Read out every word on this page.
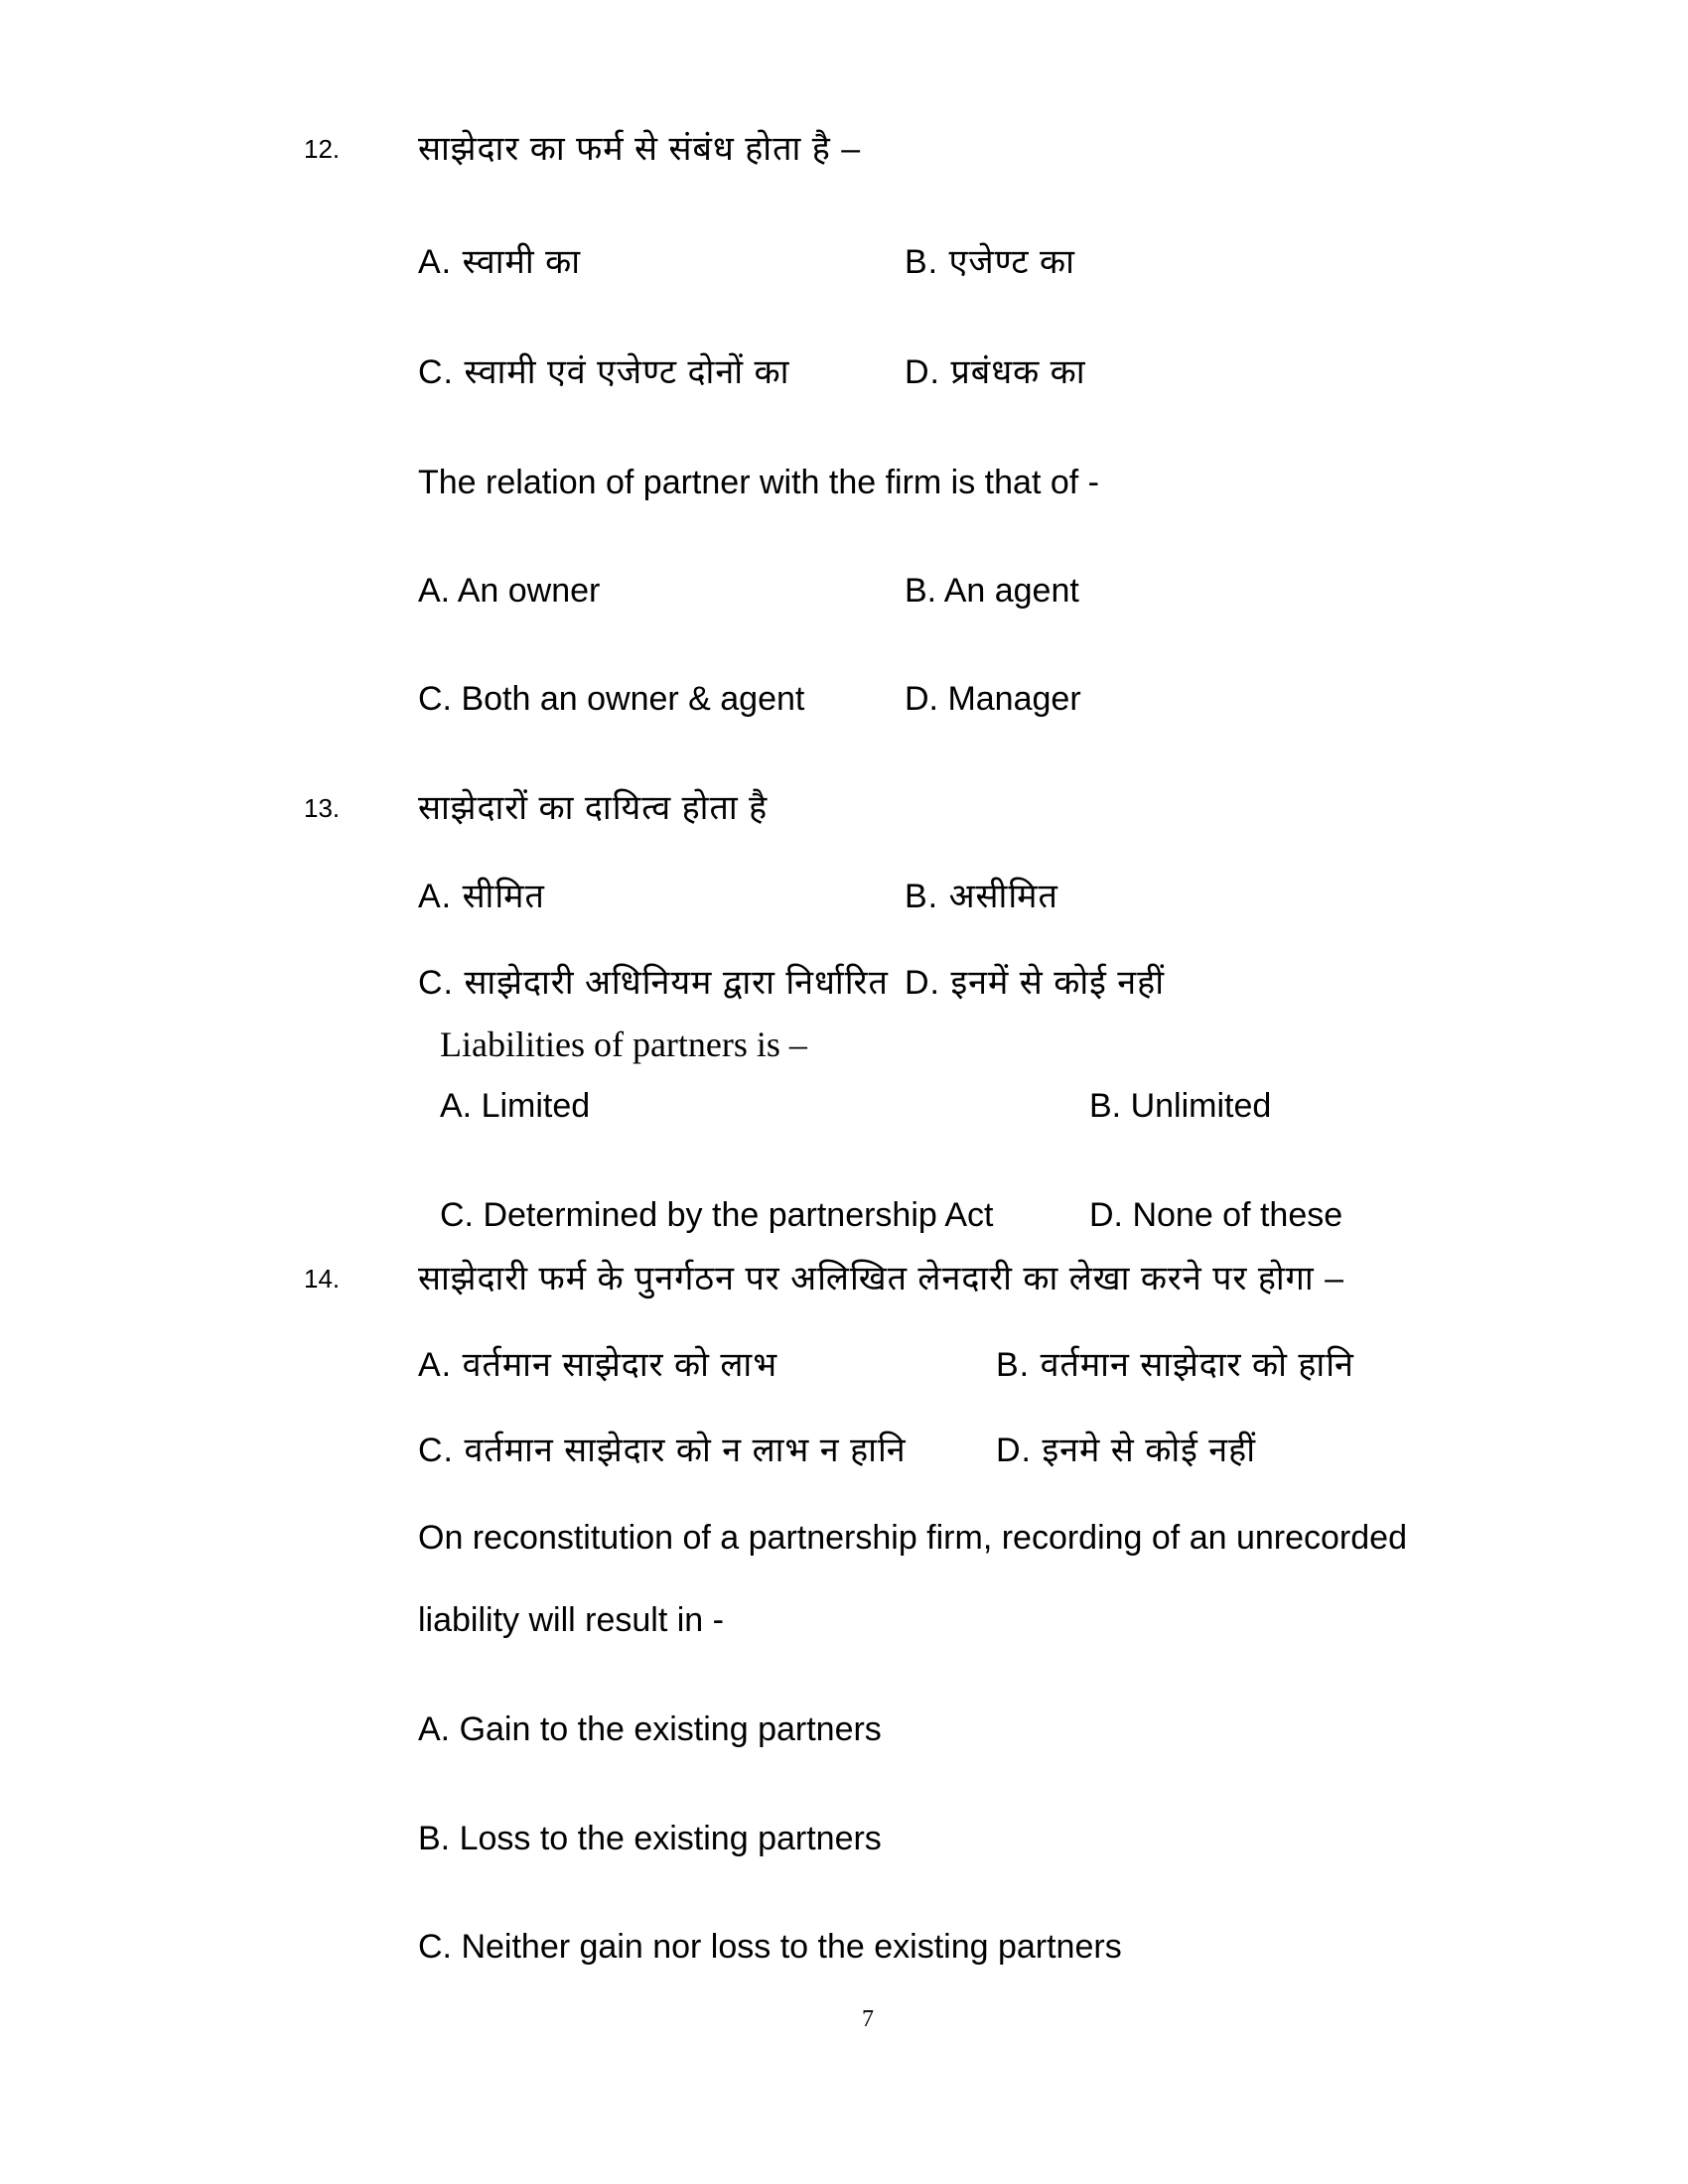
12. साझेदार का फर्म से संबंध होता है –
A. स्वामी का	B. एजेण्ट का
C. स्वामी एवं एजेण्ट दोनों का	D. प्रबंधक का
The relation of partner with the firm is that of -
A. An owner	B. An agent
C. Both an owner & agent	D. Manager
13. साझेदारों का दायित्व होता है
A. सीमित	B. असीमित
C. साझेदारी अधिनियम द्वारा निर्धारित D. इनमें से कोई नहीं
Liabilities of partners is –
A. Limited	B. Unlimited
C. Determined by the partnership Act	D. None of these
14. साझेदारी फर्म के पुनर्गठन पर अलिखित लेनदारी का लेखा करने पर होगा –
A. वर्तमान साझेदार को लाभ	B. वर्तमान साझेदार को हानि
C. वर्तमान साझेदार को न लाभ न हानि	D. इनमे से कोई नहीं
On reconstitution of a partnership firm, recording of an unrecorded
liability will result in -
A. Gain to the existing partners
B. Loss to the existing partners
C. Neither gain nor loss to the existing partners
7
